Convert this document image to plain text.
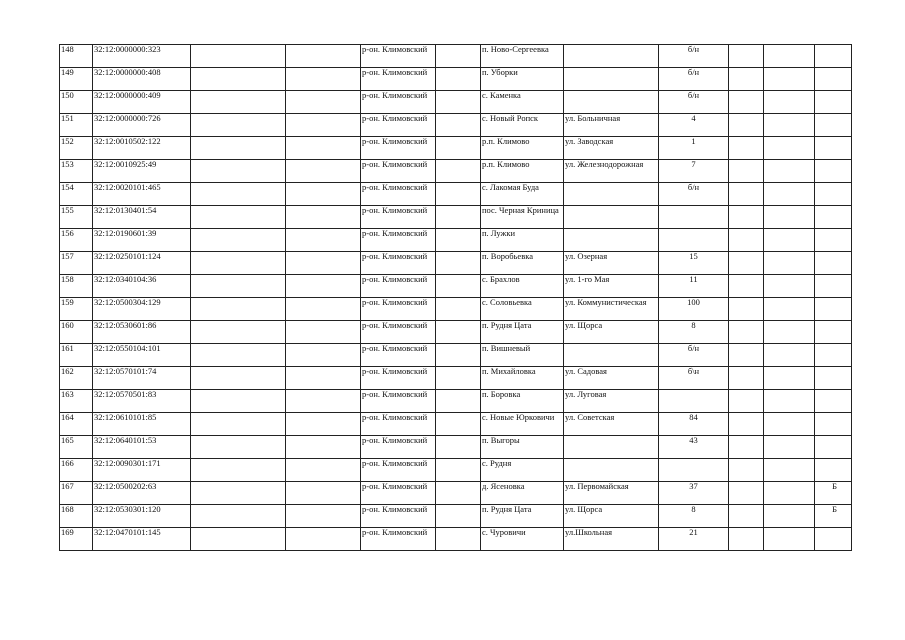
148	32:12:0000000:323			р-он. Климовский		п. Ново-Сергеевка		б/н			
149	32:12:0000000:408			р-он. Климовский		п. Уборки		б/н			
150	32:12:0000000:409			р-он. Климовский		с. Каменка		б/н			
151	32:12:0000000:726			р-он. Климовский		с. Новый Ропск	ул. Больничная	4			
152	32:12:0010502:122			р-он. Климовский		р.п. Климово	ул. Заводская	1			
153	32:12:0010925:49			р-он. Климовский		р.п. Климово	ул. Железнодорожная	7			
154	32:12:0020101:465			р-он. Климовский		с. Лакомая Буда		б/н			
155	32:12:0130401:54			р-он. Климовский		пос. Черная Криница					
156	32:12:0190601:39			р-он. Климовский		п. Лужки					
157	32:12:0250101:124			р-он. Климовский		п. Воробьевка	ул. Озерная	15			
158	32:12:0340104:36			р-он. Климовский		с. Брахлов	ул. 1-го Мая	11			
159	32:12:0500304:129			р-он. Климовский		с. Соловьевка	ул. Коммунистическая	100			
160	32:12:0530601:86			р-он. Климовский		п. Рудня Цата	ул. Щорса	8			
161	32:12:0550104:101			р-он. Климовский		п. Вишневый		б/н			
162	32:12:0570101:74			р-он. Климовский		п. Михайловка	ул. Садовая	б\н			
163	32:12:0570501:83			р-он. Климовский		п. Боровка	ул. Луговая				
164	32:12:0610101:85			р-он. Климовский		с. Новые Юрковичи	ул. Советская	84			
165	32:12:0640101:53			р-он. Климовский		п. Выгоры		43			
166	32:12:0090301:171			р-он. Климовский		с. Рудня					
167	32:12:0500202:63			р-он. Климовский		д. Ясеновка	ул. Первомайская	37			Б
168	32:12:0530301:120			р-он. Климовский		п. Рудня Цата	ул. Щорса	8			Б
169	32:12:0470101:145			р-он. Климовский		с. Чуровичи	ул.Школьная	21			
